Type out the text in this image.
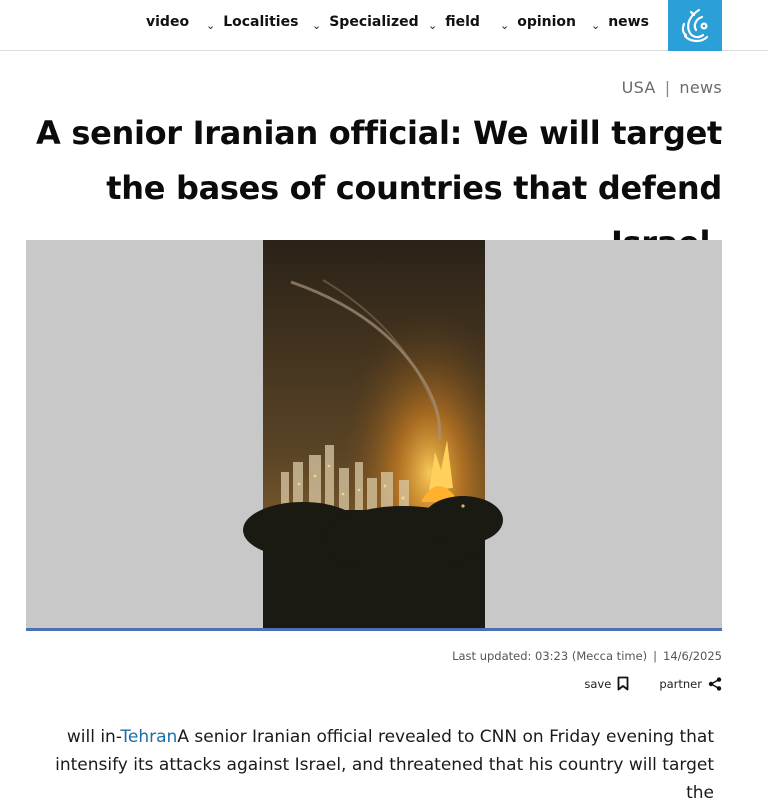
video $_⌄$ Localities $_⌄$ Specialized $_⌄$ field $_⌄$ opinion $_⌄$ news
USA | news
A senior Iranian official: We will target the bases of countries that defend
Last updated: 03:23 (Mecca time) | 14/6/2025
save	partner

will in-TehranA senior Iranian official revealed to CNN on Friday evening that

intensify its attacks against Israel, and threatened that his country will target the
